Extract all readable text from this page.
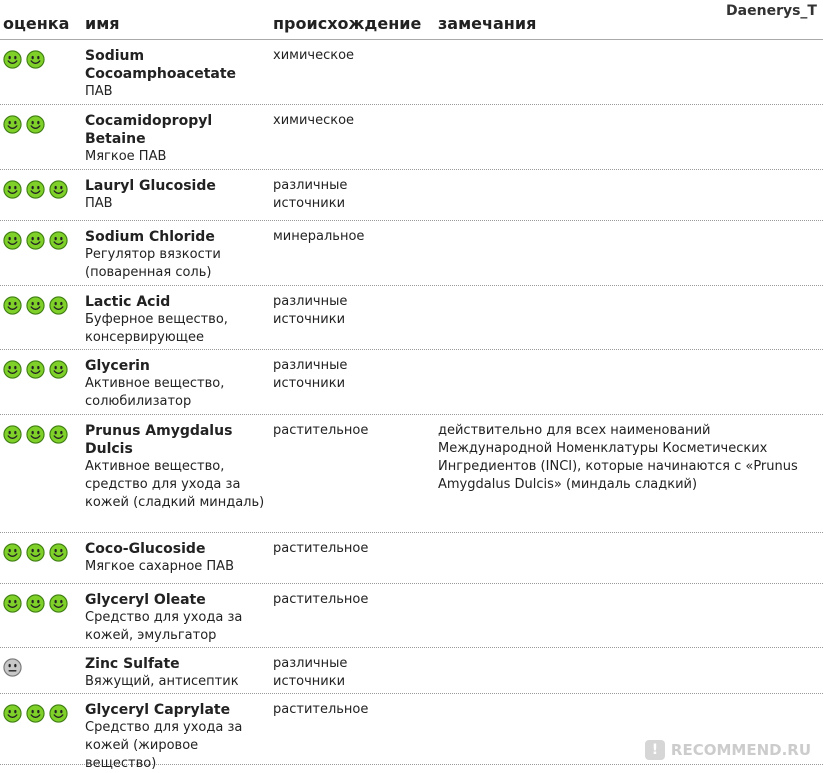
оценка имя	происхождение замечания
Daenerys_T
Sodium Cocoamphoacetate
ПАВ
химическое
Cocamidopropyl Betaine
Мягкое ПАВ
химическое
Lauryl Glucoside
ПАВ
различные источники
Sodium Chloride
Регулятор вязкости (поваренная соль)
минеральное
Lactic Acid
Буферное вещество, консервирующее
различные источники
Glycerin
Активное вещество, солюбилизатор
различные источники
Prunus Amygdalus Dulcis
Активное вещество, средство для ухода за кожей (сладкий миндаль)
растительное	действительно для всех наименований Международной Номенклатуры Косметических Ингредиентов (INCI), которые начинаются с «Prunus Amygdalus Dulcis» (миндаль сладкий)
Coco-Glucoside
Мягкое сахарное ПАВ
растительное
Glyceryl Oleate
Средство для ухода за кожей, эмульгатор
растительное
Zinc Sulfate
Вяжущий, антисептик
различные источники
Glyceryl Caprylate
Средство для ухода за кожей (жировое вещество)
растительное
! RECOMMEND.RU
